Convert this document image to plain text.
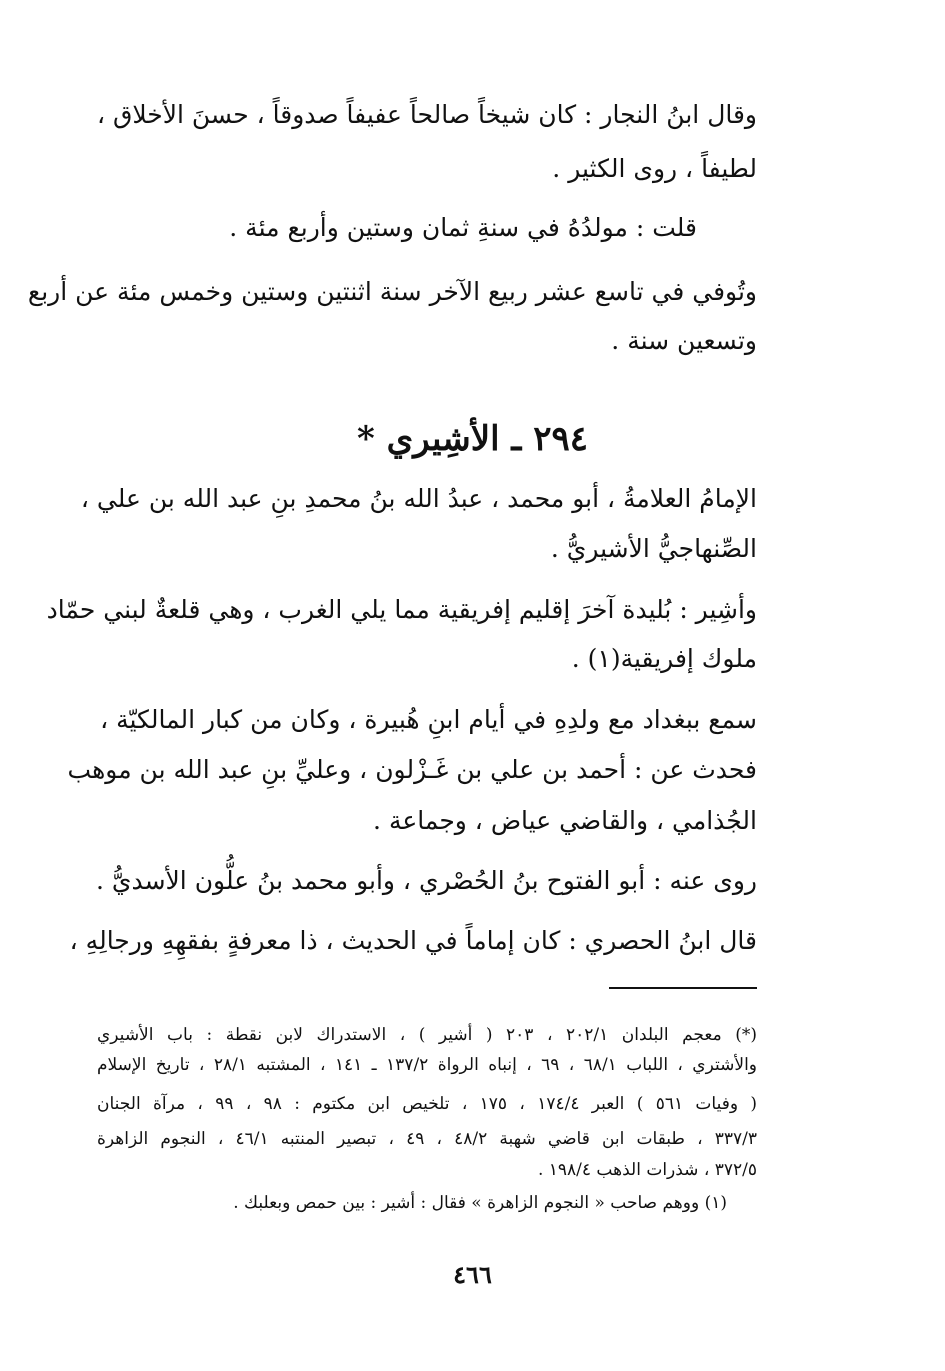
وقال ابنُ النجار : كان شيخاً صالحاً عفيفاً صدوقاً ، حسنَ الأخلاق ،
لطيفاً ، روى الكثير .
قلت : مولدُهُ في سنةِ ثمان وستين وأربع مئة .
وتُوفي في تاسع عشر ربيع الآخر سنة اثنتين وستين وخمس مئة عن أربع
وتسعين سنة .
٢٩٤ ـ الأشِيري *
الإمامُ العلامةُ ، أبو محمد ، عبدُ الله بنُ محمدِ بنِ عبد الله بن علي ،
الصِّنهاجيُّ الأشيريُّ .
وأشِير : بُليدة آخرَ إقليم إفريقية مما يلي الغرب ، وهي قلعةٌ لبني حمّاد
ملوك إفريقية(١) .
سمع ببغداد مع ولدِهِ في أيام ابنِ هُبيرة ، وكان من كبار المالكيّة ،
فحدث عن : أحمد بن علي بن غَـزْلون ، وعليِّ بنِ عبد الله بن موهب
الجُذامي ، والقاضي عياض ، وجماعة .
روى عنه : أبو الفتوح بنُ الحُصْري ، وأبو محمد بنُ علُّون الأسديُّ .
قال ابنُ الحصري : كان إماماً في الحديث ، ذا معرفةٍ بفقهِهِ ورجالِهِ ،
(*) معجم البلدان ٢٠٢/١ ، ٢٠٣ ( أشير ) ، الاستدراك لابن نقطة : باب الأشيري
والأشتري ، اللباب ٦٨/١ ، ٦٩ ، إنباه الرواة ١٣٧/٢ ـ ١٤١ ، المشتبه ٢٨/١ ، تاريخ الإسلام
( وفيات ٥٦١ ) العبر ١٧٤/٤ ، ١٧٥ ، تلخيص ابن مكتوم : ٩٨ ، ٩٩ ، مرآة الجنان
٣٣٧/٣ ، طبقات ابن قاضي شهبة ٤٨/٢ ، ٤٩ ، تبصير المنتبه ٤٦/١ ، النجوم الزاهرة
٣٧٢/٥ ، شذرات الذهب ١٩٨/٤ .
(١) ووهم صاحب « النجوم الزاهرة » فقال : أشير : بين حمص وبعلبك .
٤٦٦
